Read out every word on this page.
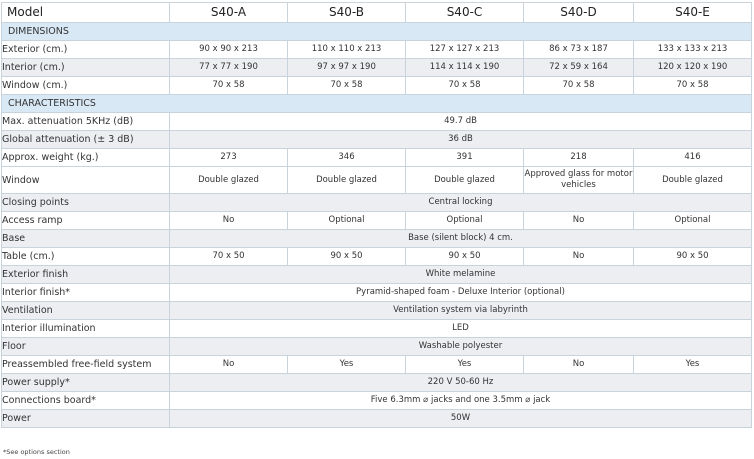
Model	S40-A	S40-B	S40-C	S40-D	S40-E
DIMENSIONS					
Exterior (cm.)	90 x 90 x 213	110 x 110 x 213	127 x 127 x 213	86 x 73 x 187	133 x 133 x 213
Interior (cm.)	77 x 77 x 190	97 x 97 x 190	114 x 114 x 190	72 x 59 x 164	120 x 120 x 190
Window (cm.)	70 x 58	70 x 58	70 x 58	70 x 58	70 x 58
CHARACTERISTICS					
Max. attenuation 5KHz (dB)	49.7 dB				
Global attenuation (± 3 dB)	36 dB				
Approx. weight (kg.)	273	346	391	218	416
Window	Double glazed	Double glazed	Double glazed	Approved glass for motor vehicles	Double glazed
Closing points	Central locking				
Access ramp	No	Optional	Optional	No	Optional
Base	Base (silent block) 4 cm.				
Table (cm.)	70 x 50	90 x 50	90 x 50	No	90 x 50
Exterior finish	White melamine				
Interior finish*	Pyramid-shaped foam - Deluxe Interior (optional)				
Ventilation	Ventilation system via labyrinth				
Interior illumination	LED				
Floor	Washable polyester				
Preassembled free-field system	No	Yes	Yes	No	Yes
Power supply*	220 V 50-60 Hz				
Connections board*	Five 6.3mm ⌀ jacks and one 3.5mm ⌀ jack				
Power	50W				
*See options section
